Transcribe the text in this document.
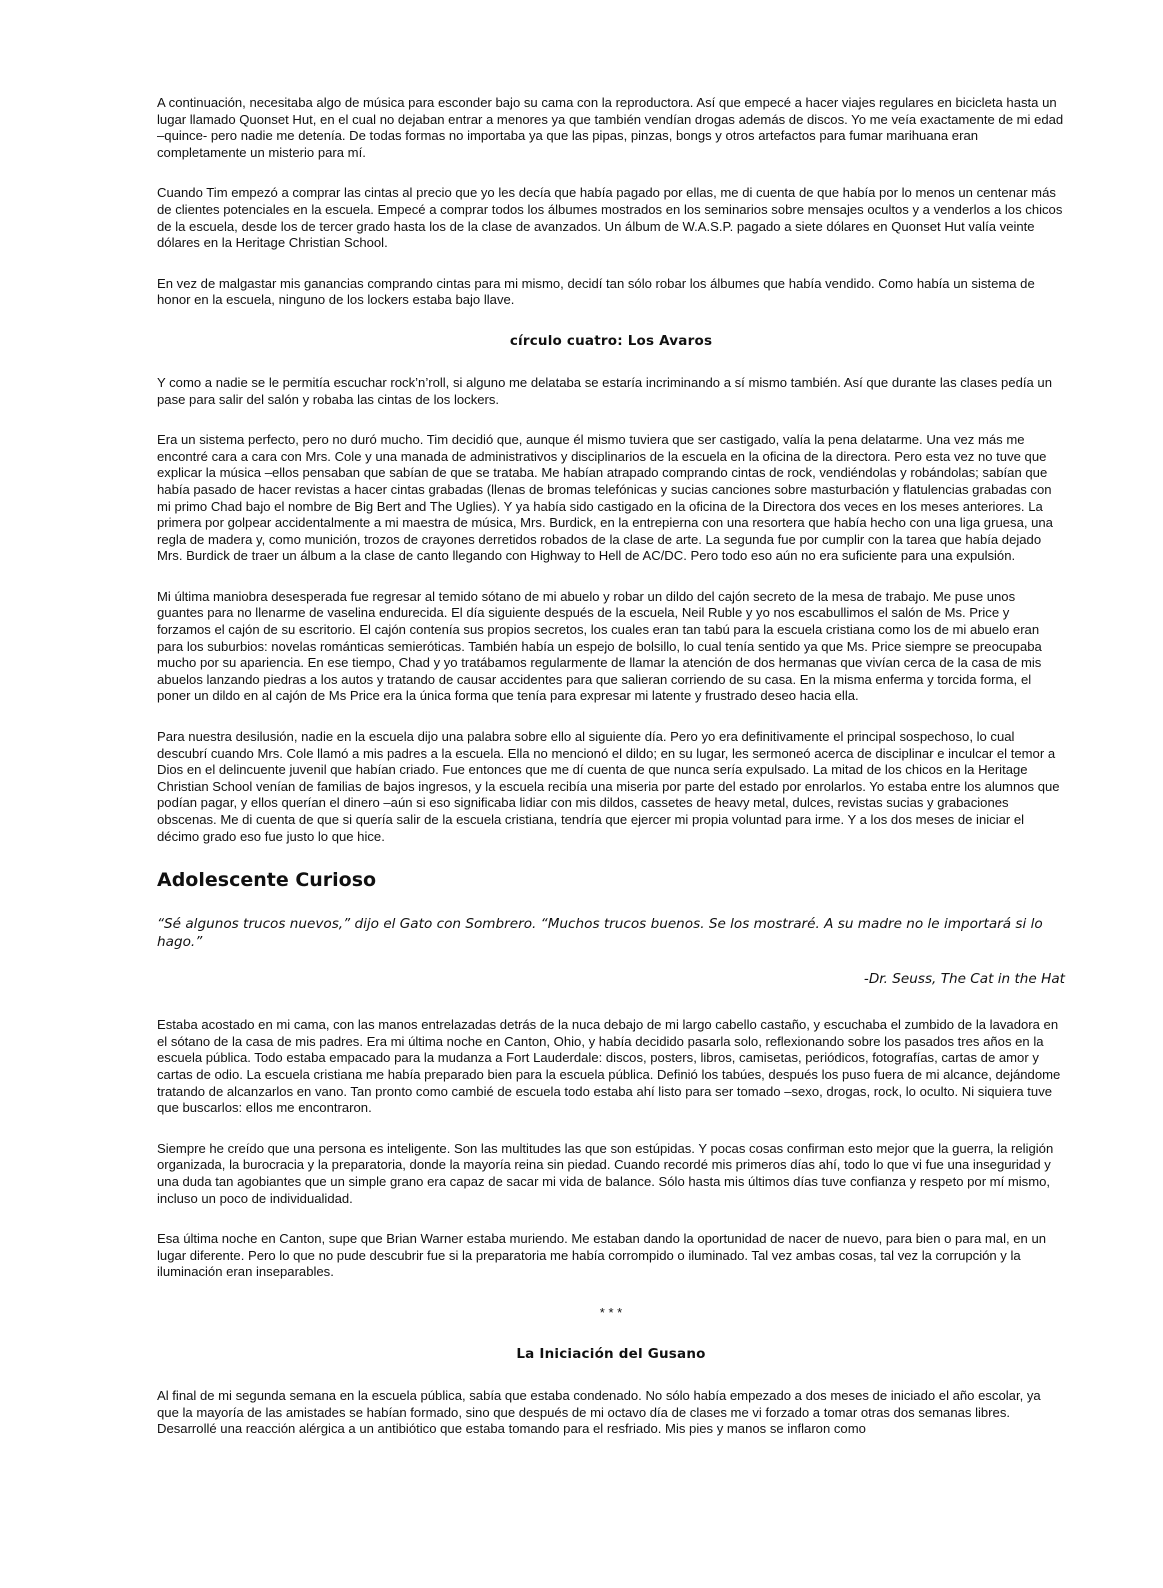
A continuación, necesitaba algo de música para esconder bajo su cama con la reproductora. Así que empecé a hacer viajes regulares en bicicleta hasta un lugar llamado Quonset Hut, en el cual no dejaban entrar a menores ya que también vendían drogas además de discos. Yo me veía exactamente de mi edad –quince- pero nadie me detenía. De todas formas no importaba ya que las pipas, pinzas, bongs y otros artefactos para fumar marihuana eran completamente un misterio para mí.

Cuando Tim empezó a comprar las cintas al precio que yo les decía que había pagado por ellas, me di cuenta de que había por lo menos un centenar más de clientes potenciales en la escuela. Empecé a comprar todos los álbumes mostrados en los seminarios sobre mensajes ocultos y a venderlos a los chicos de la escuela, desde los de tercer grado hasta los de la clase de avanzados. Un álbum de W.A.S.P. pagado a siete dólares en Quonset Hut valía veinte dólares en la Heritage Christian School.

En vez de malgastar mis ganancias comprando cintas para mi mismo, decidí tan sólo robar los álbumes que había vendido. Como había un sistema de honor en la escuela, ninguno de los lockers estaba bajo llave.

círculo cuatro: Los Avaros

Y como a nadie se le permitía escuchar rock’n’roll, si alguno me delataba se estaría incriminando a sí mismo también. Así que durante las clases pedía un pase para salir del salón y robaba las cintas de los lockers.

Era un sistema perfecto, pero no duró mucho. Tim decidió que, aunque él mismo tuviera que ser castigado, valía la pena delatarme. Una vez más me encontré cara a cara con Mrs. Cole y una manada de administrativos y disciplinarios de la escuela en la oficina de la directora. Pero esta vez no tuve que explicar la música –ellos pensaban que sabían de que se trataba. Me habían atrapado comprando cintas de rock, vendiéndolas y robándolas; sabían que había pasado de hacer revistas a hacer cintas grabadas (llenas de bromas telefónicas y sucias canciones sobre masturbación y flatulencias grabadas con mi primo Chad bajo el nombre de Big Bert and The Uglies). Y ya había sido castigado en la oficina de la Directora dos veces en los meses anteriores. La primera por golpear accidentalmente a mi maestra de música, Mrs. Burdick, en la entrepierna con una resortera que había hecho con una liga gruesa, una regla de madera y, como munición, trozos de crayones derretidos robados de la clase de arte. La segunda fue por cumplir con la tarea que había dejado Mrs. Burdick de traer un álbum a la clase de canto llegando con Highway to Hell de AC/DC. Pero todo eso aún no era suficiente para una expulsión.

Mi última maniobra desesperada fue regresar al temido sótano de mi abuelo y robar un dildo del cajón secreto de la mesa de trabajo. Me puse unos guantes para no llenarme de vaselina endurecida. El día siguiente después de la escuela, Neil Ruble y yo nos escabullimos el salón de Ms. Price y forzamos el cajón de su escritorio. El cajón contenía sus propios secretos, los cuales eran tan tabú para la escuela cristiana como los de mi abuelo eran para los suburbios: novelas románticas semieróticas. También había un espejo de bolsillo, lo cual tenía sentido ya que Ms. Price siempre se preocupaba mucho por su apariencia. En ese tiempo, Chad y yo tratábamos regularmente de llamar la atención de dos hermanas que vivían cerca de la casa de mis abuelos lanzando piedras a los autos y tratando de causar accidentes para que salieran corriendo de su casa. En la misma enferma y torcida forma, el poner un dildo en al cajón de Ms Price era la única forma que tenía para expresar mi latente y frustrado deseo hacia ella.

Para nuestra desilusión, nadie en la escuela dijo una palabra sobre ello al siguiente día. Pero yo era definitivamente el principal sospechoso, lo cual descubrí cuando Mrs. Cole llamó a mis padres a la escuela. Ella no mencionó el dildo; en su lugar, les sermoneó acerca de disciplinar e inculcar el temor a Dios en el delincuente juvenil que habían criado. Fue entonces que me dí cuenta de que nunca sería expulsado. La mitad de los chicos en la Heritage Christian School venían de familias de bajos ingresos, y la escuela recibía una miseria por parte del estado por enrolarlos. Yo estaba entre los alumnos que podían pagar, y ellos querían el dinero –aún si eso significaba lidiar con mis dildos, cassetes de heavy metal, dulces, revistas sucias y grabaciones obscenas. Me di cuenta de que si quería salir de la escuela cristiana, tendría que ejercer mi propia voluntad para irme. Y a los dos meses de iniciar el décimo grado eso fue justo lo que hice.

Adolescente Curioso

“Sé algunos trucos nuevos,” dijo el Gato con Sombrero. “Muchos trucos buenos. Se los mostraré. A su madre no le importará si lo hago.”

-Dr. Seuss, The Cat in the Hat

Estaba acostado en mi cama, con las manos entrelazadas detrás de la nuca debajo de mi largo cabello castaño, y escuchaba el zumbido de la lavadora en el sótano de la casa de mis padres. Era mi última noche en Canton, Ohio, y había decidido pasarla solo, reflexionando sobre los pasados tres años en la escuela pública. Todo estaba empacado para la mudanza a Fort Lauderdale: discos, posters, libros, camisetas, periódicos, fotografías, cartas de amor y cartas de odio. La escuela cristiana me había preparado bien para la escuela pública. Definió los tabúes, después los puso fuera de mi alcance, dejándome tratando de alcanzarlos en vano. Tan pronto como cambié de escuela todo estaba ahí listo para ser tomado –sexo, drogas, rock, lo oculto. Ni siquiera tuve que buscarlos: ellos me encontraron.

Siempre he creído que una persona es inteligente. Son las multitudes las que son estúpidas. Y pocas cosas confirman esto mejor que la guerra, la religión organizada, la burocracia y la preparatoria, donde la mayoría reina sin piedad. Cuando recordé mis primeros días ahí, todo lo que vi fue una inseguridad y una duda tan agobiantes que un simple grano era capaz de sacar mi vida de balance. Sólo hasta mis últimos días tuve confianza y respeto por mí mismo, incluso un poco de individualidad.

Esa última noche en Canton, supe que Brian Warner estaba muriendo. Me estaban dando la oportunidad de nacer de nuevo, para bien o para mal, en un lugar diferente. Pero lo que no pude descubrir fue si la preparatoria me había corrompido o iluminado. Tal vez ambas cosas, tal vez la corrupción y la iluminación eran inseparables.

* * *
La Iniciación del Gusano

Al final de mi segunda semana en la escuela pública, sabía que estaba condenado. No sólo había empezado a dos meses de iniciado el año escolar, ya que la mayoría de las amistades se habían formado, sino que después de mi octavo día de clases me vi forzado a tomar otras dos semanas libres. Desarrollé una reacción alérgica a un antibiótico que estaba tomando para el resfriado. Mis pies y manos se inflaron como
